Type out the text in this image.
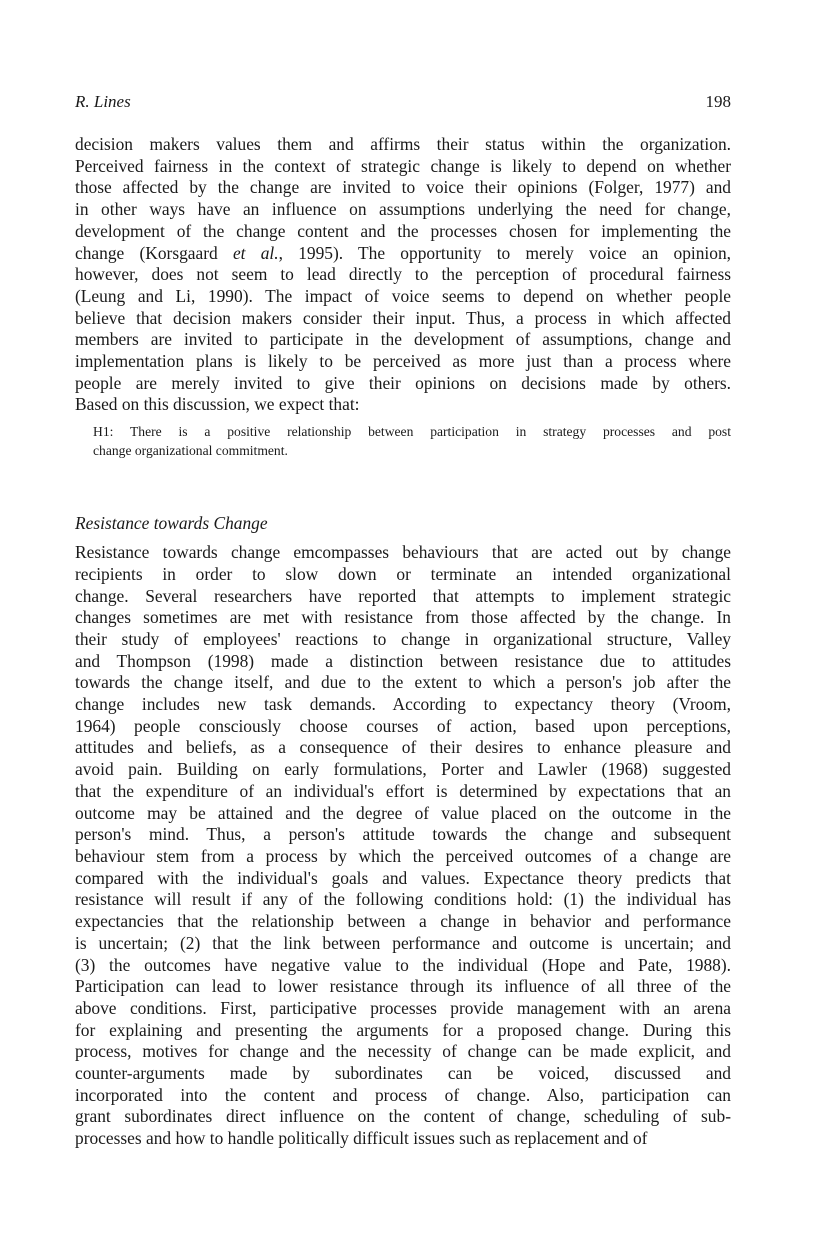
R. Lines	198
decision makers values them and affirms their status within the organization.
Perceived fairness in the context of strategic change is likely to depend on whether
those affected by the change are invited to voice their opinions (Folger, 1977) and
in other ways have an influence on assumptions underlying the need for change,
development of the change content and the processes chosen for implementing the
change (Korsgaard et al., 1995). The opportunity to merely voice an opinion,
however, does not seem to lead directly to the perception of procedural fairness
(Leung and Li, 1990). The impact of voice seems to depend on whether people
believe that decision makers consider their input. Thus, a process in which affected
members are invited to participate in the development of assumptions, change and
implementation plans is likely to be perceived as more just than a process where
people are merely invited to give their opinions on decisions made by others.
Based on this discussion, we expect that:
H1: There is a positive relationship between participation in strategy processes and post
change organizational commitment.
Resistance towards Change
Resistance towards change emcompasses behaviours that are acted out by change
recipients in order to slow down or terminate an intended organizational
change. Several researchers have reported that attempts to implement strategic
changes sometimes are met with resistance from those affected by the change. In
their study of employees' reactions to change in organizational structure, Valley
and Thompson (1998) made a distinction between resistance due to attitudes
towards the change itself, and due to the extent to which a person's job after the
change includes new task demands. According to expectancy theory (Vroom,
1964) people consciously choose courses of action, based upon perceptions,
attitudes and beliefs, as a consequence of their desires to enhance pleasure and
avoid pain. Building on early formulations, Porter and Lawler (1968) suggested
that the expenditure of an individual's effort is determined by expectations that an
outcome may be attained and the degree of value placed on the outcome in the
person's mind. Thus, a person's attitude towards the change and subsequent
behaviour stem from a process by which the perceived outcomes of a change are
compared with the individual's goals and values. Expectance theory predicts that
resistance will result if any of the following conditions hold: (1) the individual has
expectancies that the relationship between a change in behavior and performance
is uncertain; (2) that the link between performance and outcome is uncertain; and
(3) the outcomes have negative value to the individual (Hope and Pate, 1988).
Participation can lead to lower resistance through its influence of all three of the
above conditions. First, participative processes provide management with an arena
for explaining and presenting the arguments for a proposed change. During this
process, motives for change and the necessity of change can be made explicit, and
counter-arguments made by subordinates can be voiced, discussed and
incorporated into the content and process of change. Also, participation can
grant subordinates direct influence on the content of change, scheduling of sub-
processes and how to handle politically difficult issues such as replacement and of
